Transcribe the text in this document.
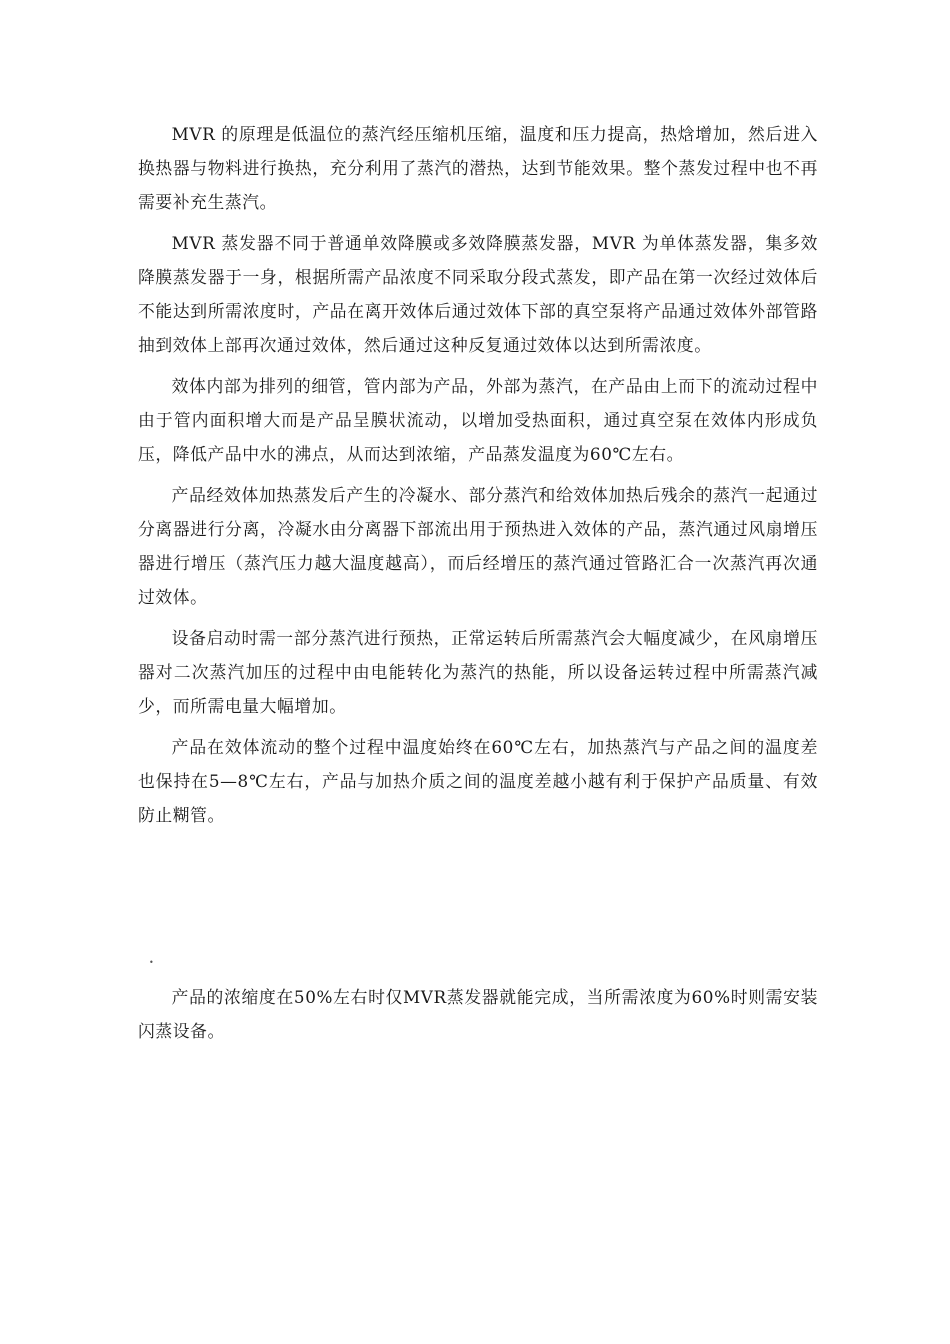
MVR 的原理是低温位的蒸汽经压缩机压缩，温度和压力提高，热焓增加，然后进入换热器与物料进行换热，充分利用了蒸汽的潜热，达到节能效果。整个蒸发过程中也不再需要补充生蒸汽。

MVR 蒸发器不同于普通单效降膜或多效降膜蒸发器，MVR 为单体蒸发器，集多效降膜蒸发器于一身，根据所需产品浓度不同采取分段式蒸发，即产品在第一次经过效体后不能达到所需浓度时，产品在离开效体后通过效体下部的真空泵将产品通过效体外部管路抽到效体上部再次通过效体，然后通过这种反复通过效体以达到所需浓度。

效体内部为排列的细管，管内部为产品，外部为蒸汽，在产品由上而下的流动过程中由于管内面积增大而是产品呈膜状流动，以增加受热面积，通过真空泵在效体内形成负压，降低产品中水的沸点，从而达到浓缩，产品蒸发温度为60℃左右。

产品经效体加热蒸发后产生的冷凝水、部分蒸汽和给效体加热后残余的蒸汽一起通过分离器进行分离，冷凝水由分离器下部流出用于预热进入效体的产品，蒸汽通过风扇增压器进行增压（蒸汽压力越大温度越高），而后经增压的蒸汽通过管路汇合一次蒸汽再次通过效体。

设备启动时需一部分蒸汽进行预热，正常运转后所需蒸汽会大幅度减少，在风扇增压器对二次蒸汽加压的过程中由电能转化为蒸汽的热能，所以设备运转过程中所需蒸汽减少，而所需电量大幅增加。

产品在效体流动的整个过程中温度始终在60℃左右，加热蒸汽与产品之间的温度差也保持在5—8℃左右，产品与加热介质之间的温度差越小越有利于保护产品质量、有效防止糊管。

产品的浓缩度在50%左右时仅MVR蒸发器就能完成，当所需浓度为60%时则需安装闪蒸设备。

•
